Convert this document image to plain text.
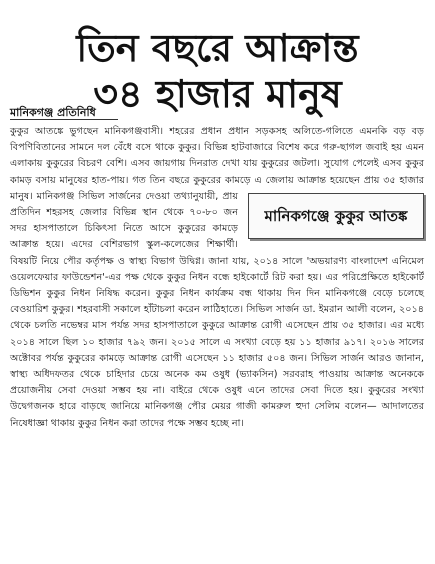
তিন বছরে আক্রান্ত
৩৪ হাজার মানুষ
মানিকগঞ্জ প্রতিনিধি

কুকুর আতঙ্কে ভুগছেন মানিকগঞ্জবাসী। শহরের প্রধান প্রধান সড়কসহ অলিতে-গলিতে এমনকি বড় বড় বিপণিবিতানের সামনে দল বেঁধে বসে থাকে কুকুর। বিভিন্ন হাটবাজারে বিশেষ করে গরু-ছাগল জবাই হয় এমন এলাকায় কুকুরের বিচরণ বেশি। এসব জায়গায় দিনরাত দেখা যায় কুকুরের জটলা। সুযোগ পেলেই এসব কুকুর কামড় বসায় মানুষের হাত-পায়। গত তিন বছরে কুকুরের কামড়ে এ জেলায় আক্রান্ত হয়েছেন প্রায় ৩৫ হাজার মানুষ। মানিকগঞ্জ সিভিল সার্জনের দেওয়া
মানিকগঞ্জে কুকুর আতঙ্ক
তথ্যানুযায়ী, প্রায় প্রতিদিন শহরসহ জেলার বিভিন্ন স্থান থেকে ৭০-৮০ জন সদর হাসপাতালে চিকিৎসা নিতে আসে কুকুরের কামড়ে আক্রান্ত হয়ে। এদের বেশিরভাগ স্কুল-কলেজের শিক্ষার্থী। বিষয়টি নিয়ে পৌর কর্তৃপক্ষ ও স্বাস্থ্য বিভাগ উদ্বিগ্ন। জানা যায়, ২০১৪ সালে 'অভয়ারণ্য বাংলাদেশ এনিমেল ওয়েলফেয়ার ফাউন্ডেশন'-এর পক্ষ থেকে কুকুর নিধন বন্ধে হাইকোর্টে রিট করা হয়। এর পরিপ্রেক্ষিতে হাইকোর্ট ডিভিশন কুকুর নিধন নিষিদ্ধ করেন। কুকুর নিধন কার্যক্রম বন্ধ থাকায় দিন দিন মানিকগঞ্জে বেড়ে চলেছে বেওয়ারিশ কুকুর। শহরবাসী সকালে হাঁটাচলা করেন লাঠিহাতে। সিভিল সার্জন ডা. ইমরান আলী বলেন, ২০১৪ থেকে চলতি নভেম্বর মাস পর্যন্ত সদর হাসপাতালে কুকুরে আক্রান্ত রোগী এসেছেন প্রায় ৩৫ হাজার। এর মধ্যে ২০১৪ সালে ছিল ১০ হাজার ৭৯২ জন। ২০১৫ সালে এ সংখ্যা বেড়ে হয় ১১ হাজার ৯১৭। ২০১৬ সালের অক্টোবর পর্যন্ত কুকুরের কামড়ে আক্রান্ত রোগী এসেছেন ১১ হাজার ৫০৪ জন। সিভিল সার্জন আরও জানান, স্বাস্থ্য অধিদফতর থেকে চাহিদার চেয়ে অনেক কম ওষুধ (ভ্যাকসিন) সরবরাহ পাওয়ায় আক্রান্ত অনেককে প্রয়োজনীয় সেবা দেওয়া সম্ভব হয় না। বাইরে থেকে ওষুধ এনে তাদের সেবা দিতে হয়। কুকুরের সংখ্যা উদ্বেগজনক হারে বাড়ছে জানিয়ে মানিকগঞ্জ পৌর মেয়র গাজী কামরুল হুদা সেলিম বলেন— আদালতের নিষেধাজ্ঞা থাকায় কুকুর নিধন করা তাদের পক্ষে সম্ভব হচ্ছে না।
